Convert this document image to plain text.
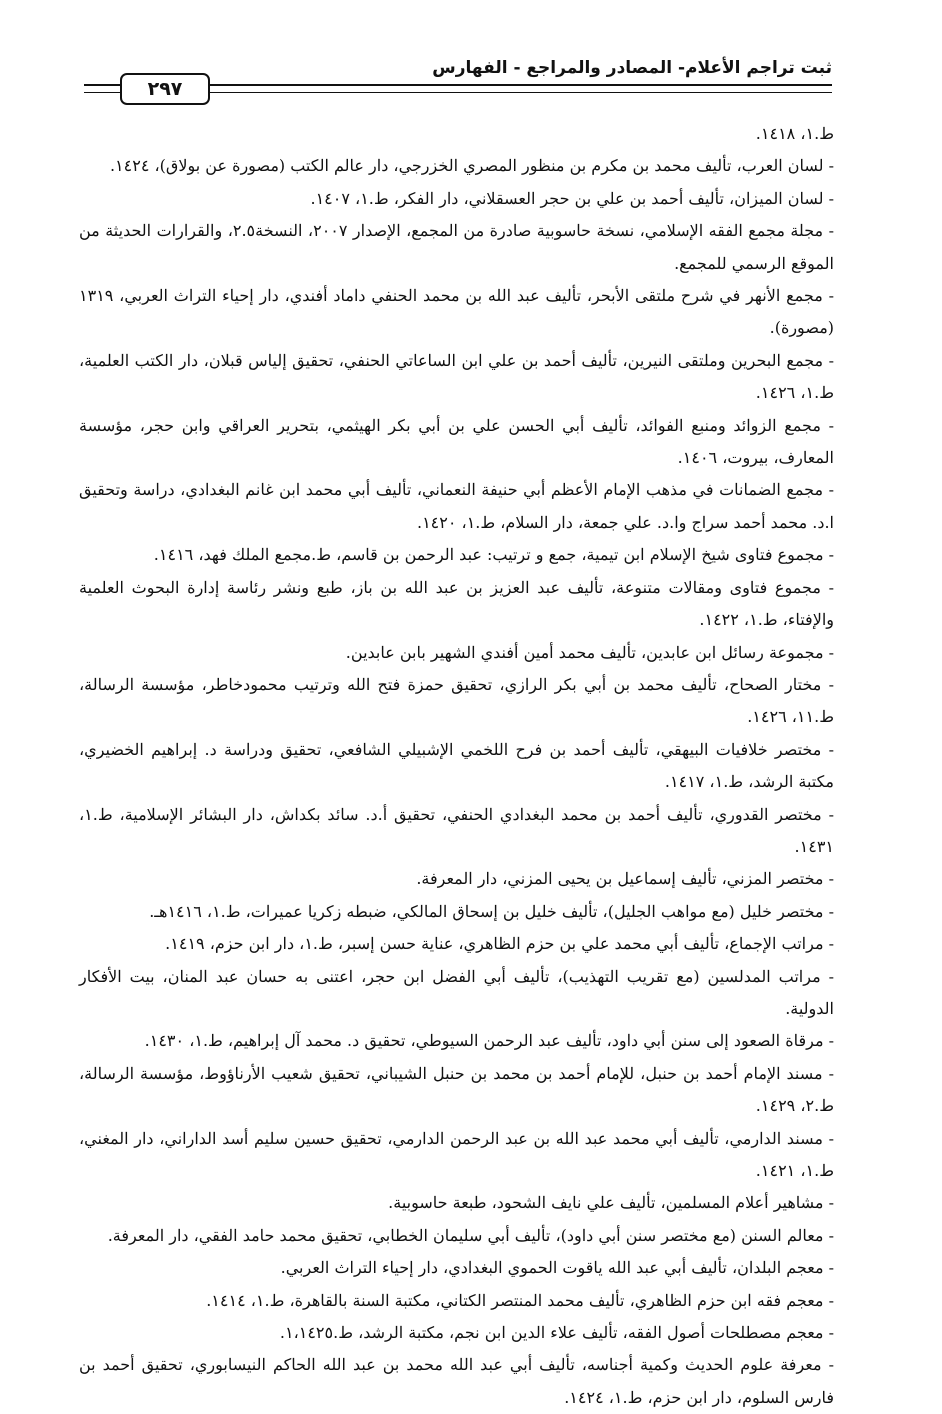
ثبت تراجم الأعلام- المصادر والمراجع - الفهارس
٢٩٧

ط.١، ١٤١٨.

- لسان العرب، تأليف محمد بن مكرم بن منظور المصري الخزرجي، دار عالم الكتب (مصورة عن بولاق)، ١٤٢٤.

- لسان الميزان، تأليف أحمد بن علي بن حجر العسقلاني، دار الفكر، ط.١، ١٤٠٧.

- مجلة مجمع الفقه الإسلامي، نسخة حاسوبية صادرة من المجمع، الإصدار ٢٠٠٧، النسخة٢.٥، والقرارات الحديثة من الموقع الرسمي للمجمع.

- مجمع الأنهر في شرح ملتقى الأبحر، تأليف عبد الله بن محمد الحنفي داماد أفندي، دار إحياء التراث العربي، ١٣١٩ (مصورة).

- مجمع البحرين وملتقى النيرين، تأليف أحمد بن علي ابن الساعاتي الحنفي، تحقيق إلياس قبلان، دار الكتب العلمية، ط.١، ١٤٢٦.

- مجمع الزوائد ومنبع الفوائد، تأليف أبي الحسن علي بن أبي بكر الهيثمي، بتحرير العراقي وابن حجر، مؤسسة المعارف، بيروت، ١٤٠٦.

- مجمع الضمانات في مذهب الإمام الأعظم أبي حنيفة النعماني، تأليف أبي محمد ابن غانم البغدادي، دراسة وتحقيق ا.د. محمد أحمد سراج وا.د. علي جمعة، دار السلام، ط.١، ١٤٢٠.

- مجموع فتاوى شيخ الإسلام ابن تيمية، جمع و ترتيب: عبد الرحمن بن قاسم، ط.مجمع الملك فهد، ١٤١٦.

- مجموع فتاوى ومقالات متنوعة، تأليف عبد العزيز بن عبد الله بن باز، طبع ونشر رئاسة إدارة البحوث العلمية والإفتاء، ط.١، ١٤٢٢.

- مجموعة رسائل ابن عابدين، تأليف محمد أمين أفندي الشهير بابن عابدين.

- مختار الصحاح، تأليف محمد بن أبي بكر الرازي، تحقيق حمزة فتح الله وترتيب محمودخاطر، مؤسسة الرسالة، ط.١١، ١٤٢٦.

- مختصر خلافيات البيهقي، تأليف أحمد بن فرح اللخمي الإشبيلي الشافعي، تحقيق ودراسة د. إبراهيم الخضيري، مكتبة الرشد، ط.١، ١٤١٧.

- مختصر القدوري، تأليف أحمد بن محمد البغدادي الحنفي، تحقيق أ.د. سائد بكداش، دار البشائر الإسلامية، ط.١، ١٤٣١.

- مختصر المزني، تأليف إسماعيل بن يحيى المزني، دار المعرفة.

- مختصر خليل (مع مواهب الجليل)، تأليف خليل بن إسحاق المالكي، ضبطه زكريا عميرات، ط.١، ١٤١٦هـ.

- مراتب الإجماع، تأليف أبي محمد علي بن حزم الظاهري، عناية حسن إسبر، ط.١، دار ابن حزم، ١٤١٩.

- مراتب المدلسين (مع تقريب التهذيب)، تأليف أبي الفضل ابن حجر، اعتنى به حسان عبد المنان، بيت الأفكار الدولية.

- مرقاة الصعود إلى سنن أبي داود، تأليف عبد الرحمن السيوطي، تحقيق د. محمد آل إبراهيم، ط.١، ١٤٣٠.

- مسند الإمام أحمد بن حنبل، للإمام أحمد بن محمد بن حنبل الشيباني، تحقيق شعيب الأرناؤوط، مؤسسة الرسالة، ط.٢، ١٤٢٩.

- مسند الدارمي، تأليف أبي محمد عبد الله بن عبد الرحمن الدارمي، تحقيق حسين سليم أسد الداراني، دار المغني، ط.١، ١٤٢١.

- مشاهير أعلام المسلمين، تأليف علي نايف الشحود، طبعة حاسوبية.

- معالم السنن (مع مختصر سنن أبي داود)، تأليف أبي سليمان الخطابي، تحقيق محمد حامد الفقي، دار المعرفة.

- معجم البلدان، تأليف أبي عبد الله ياقوت الحموي البغدادي، دار إحياء التراث العربي.

- معجم فقه ابن حزم الظاهري، تأليف محمد المنتصر الكتاني، مكتبة السنة بالقاهرة، ط.١، ١٤١٤.

- معجم مصطلحات أصول الفقه، تأليف علاء الدين ابن نجم، مكتبة الرشد، ط.١،١٤٢٥.

- معرفة علوم الحديث وكمية أجناسه، تأليف أبي عبد الله محمد بن عبد الله الحاكم النيسابوري، تحقيق أحمد بن فارس السلوم، دار ابن حزم، ط.١، ١٤٢٤.
